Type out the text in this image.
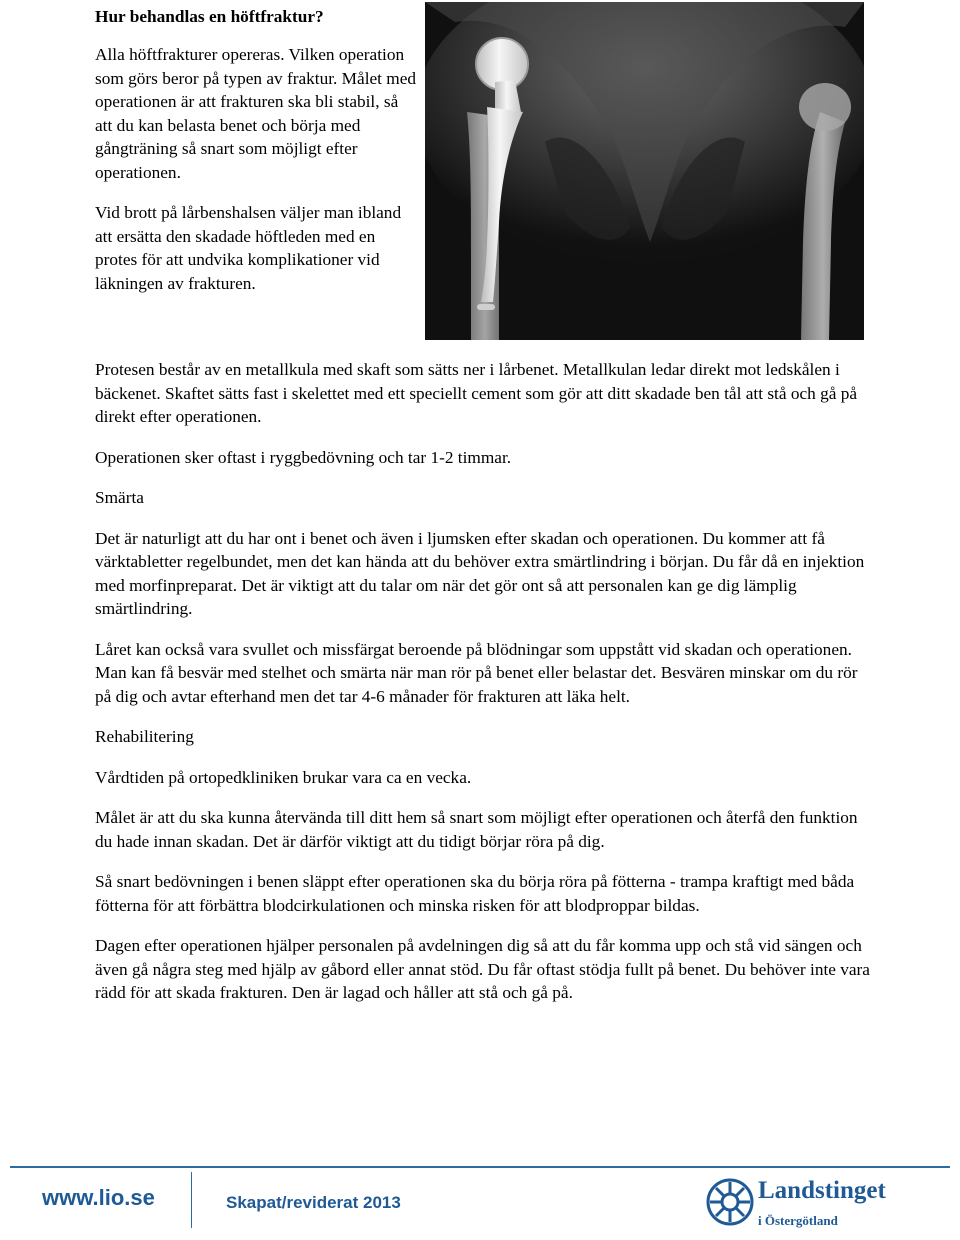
Hur behandlas en höftfraktur?

Alla höftfrakturer opereras. Vilken operation som görs beror på typen av fraktur. Målet med operationen är att frakturen ska bli stabil, så att du kan belasta benet och börja med gångträning så snart som möjligt efter operationen.

Vid brott på lårbenshalsen väljer man ibland att ersätta den skadade höftleden med en protes för att undvika komplikationer vid läkningen av frakturen.

Protesen består av en metallkula med skaft som sätts ner i lårbenet. Metallkulan ledar direkt mot ledskålen i bäckenet. Skaftet sätts fast i skelettet med ett speciellt cement som gör att ditt skadade ben tål att stå och gå på direkt efter operationen.

Operationen sker oftast i ryggbedövning och tar 1-2 timmar.

Smärta

Det är naturligt att du har ont i benet och även i ljumsken efter skadan och operationen. Du kommer att få värktabletter regelbundet, men det kan hända att du behöver extra smärtlindring i början. Du får då en injektion med morfinpreparat. Det är viktigt att du talar om när det gör ont så att personalen kan ge dig lämplig smärtlindring.

Låret kan också vara svullet och missfärgat beroende på blödningar som uppstått vid skadan och operationen. Man kan få besvär med stelhet och smärta när man rör på benet eller belastar det. Besvären minskar om du rör på dig och avtar efterhand men det tar 4-6 månader för frakturen att läka helt.

Rehabilitering

Vårdtiden på ortopedkliniken brukar vara ca en vecka.

Målet är att du ska kunna återvända till ditt hem så snart som möjligt efter operationen och återfå den funktion du hade innan skadan. Det är därför viktigt att du tidigt börjar röra på dig.

Så snart bedövningen i benen släppt efter operationen ska du börja röra på fötterna - trampa kraftigt med båda fötterna för att förbättra blodcirkulationen och minska risken för att blodproppar bildas.

Dagen efter operationen hjälper personalen på avdelningen dig så att du får komma upp och stå vid sängen och även gå några steg med hjälp av gåbord eller annat stöd. Du får oftast stödja fullt på benet. Du behöver inte vara rädd för att skada frakturen. Den är lagad och håller att stå och gå på.

www.lio.se	Skapat/reviderat 2013	Landstinget
i Östergötland
